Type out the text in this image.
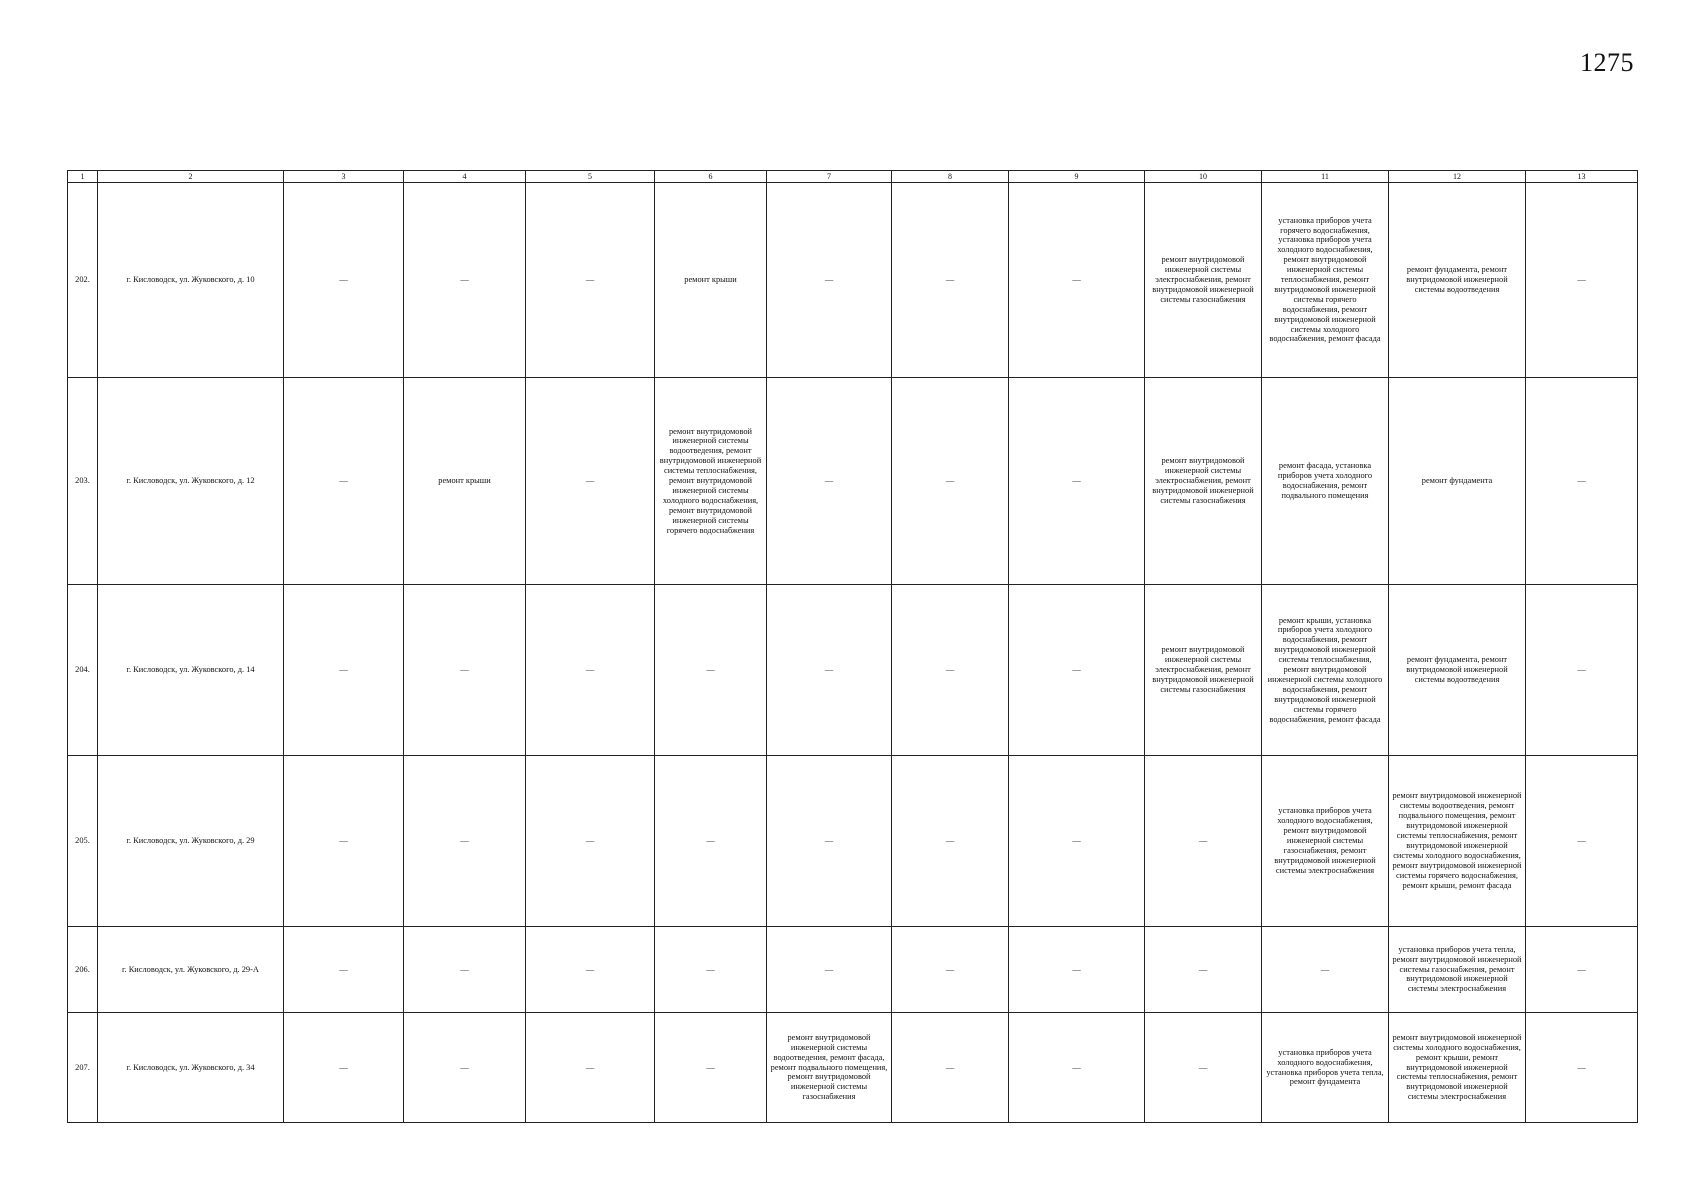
1275
1	2	3	4	5	6	7	8	9	10	11	12	13
202.	г. Кисловодск, ул. Жуковского, д. 10	—	—	—	ремонт крыши	—	—	—	ремонт внутридомовой инженерной системы электроснабжения, ремонт внутридомовой инженерной системы газоснабжения	установка приборов учета горячего водоснабжения, установка приборов учета холодного водоснабжения, ремонт внутридомовой инженерной системы теплоснабжения, ремонт внутридомовой инженерной системы горячего водоснабжения, ремонт внутридомовой инженерной системы холодного водоснабжения, ремонт фасада	ремонт фундамента, ремонт внутридомовой инженерной системы водоотведения	—
203.	г. Кисловодск, ул. Жуковского, д. 12	—	ремонт крыши	—	ремонт внутридомовой инженерной системы водоотведения, ремонт внутридомовой инженерной системы теплоснабжения, ремонт внутридомовой инженерной системы холодного водоснабжения, ремонт внутридомовой инженерной системы горячего водоснабжения	—	—	—	ремонт внутридомовой инженерной системы электроснабжения, ремонт внутридомовой инженерной системы газоснабжения	ремонт фасада, установка приборов учета холодного водоснабжения, ремонт подвального помещения	ремонт фундамента	—
204.	г. Кисловодск, ул. Жуковского, д. 14	—	—	—	—	—	—	—	ремонт внутридомовой инженерной системы электроснабжения, ремонт внутридомовой инженерной системы газоснабжения	ремонт крыши, установка приборов учета холодного водоснабжения, ремонт внутридомовой инженерной системы теплоснабжения, ремонт внутридомовой инженерной системы холодного водоснабжения, ремонт внутридомовой инженерной системы горячего водоснабжения, ремонт фасада	ремонт фундамента, ремонт внутридомовой инженерной системы водоотведения	—
205.	г. Кисловодск, ул. Жуковского, д. 29	—	—	—	—	—	—	—	—	установка приборов учета холодного водоснабжения, ремонт внутридомовой инженерной системы газоснабжения, ремонт внутридомовой инженерной системы электроснабжения	ремонт внутридомовой инженерной системы водоотведения, ремонт подвального помещения, ремонт внутридомовой инженерной системы теплоснабжения, ремонт внутридомовой инженерной системы холодного водоснабжения, ремонт внутридомовой инженерной системы горячего водоснабжения, ремонт крыши, ремонт фасада	—
206.	г. Кисловодск, ул. Жуковского, д. 29-А	—	—	—	—	—	—	—	—	—	установка приборов учета тепла, ремонт внутридомовой инженерной системы газоснабжения, ремонт внутридомовой инженерной системы электроснабжения	—
207.	г. Кисловодск, ул. Жуковского, д. 34	—	—	—	—	ремонт внутридомовой инженерной системы водоотведения, ремонт фасада, ремонт подвального помещения, ремонт внутридомовой инженерной системы газоснабжения	—	—	—	установка приборов учета холодного водоснабжения, установка приборов учета тепла, ремонт фундамента	ремонт внутридомовой инженерной системы холодного водоснабжения, ремонт крыши, ремонт внутридомовой инженерной системы теплоснабжения, ремонт внутридомовой инженерной системы электроснабжения	—
